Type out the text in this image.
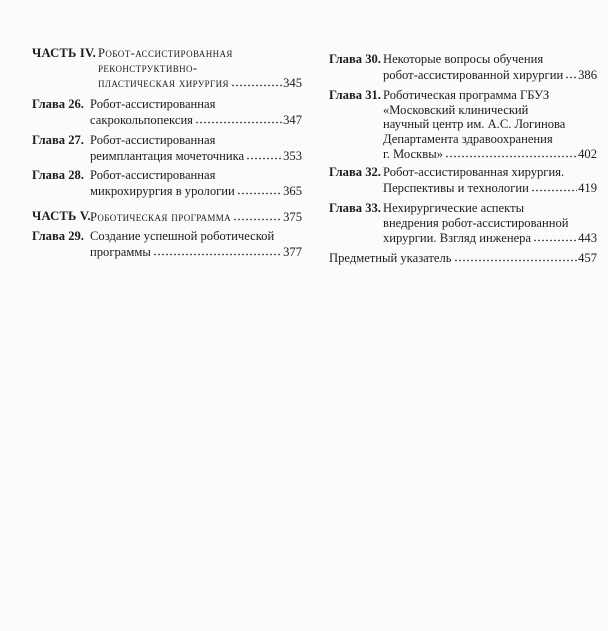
ЧАСТЬ IV. Робот-ассистированная
реконструктивно-
пластическая хирургия	345
Глава 26. Робот-ассистированная
сакрокольпопексия	347
Глава 27. Робот-ассистированная
реимплантация мочеточника	353
Глава 28. Робот-ассистированная
микрохирургия в урологии	365
ЧАСТЬ V. Роботическая программа	375
Глава 29. Создание успешной роботической
программы	377
Глава 30. Некоторые вопросы обучения
робот-ассистированной хирургии 386
Глава 31. Роботическая программа ГБУЗ
«Московский клинический
научный центр им. А.С. Логинова
Департамента здравоохранения
г. Москвы»	402
Глава 32. Робот-ассистированная хирургия.
Перспективы и технологии	419
Глава 33. Нехирургические аспекты
внедрения робот-ассистированной
хирургии. Взгляд инженера	443
Предметный указатель	457
